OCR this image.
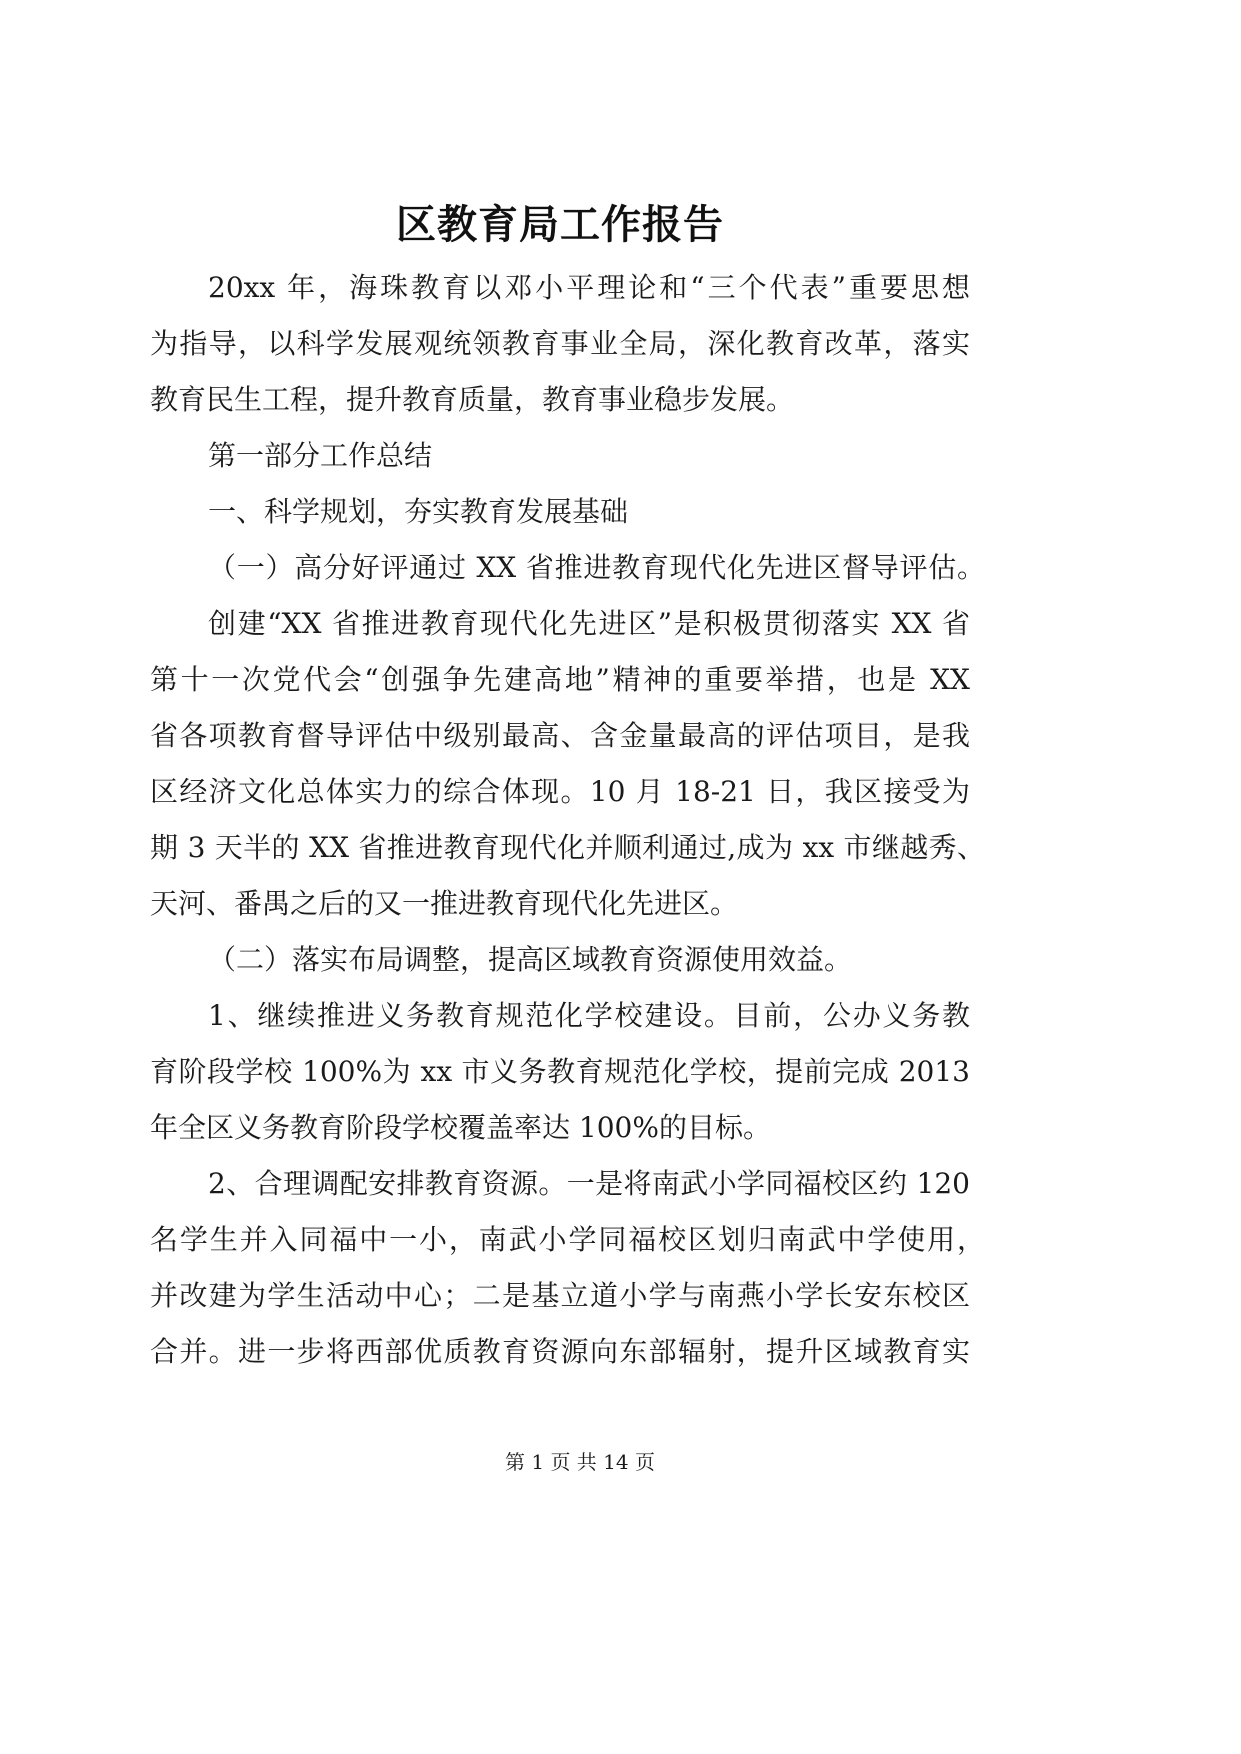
区教育局工作报告
20xx 年，海珠教育以邓小平理论和“三个代表”重要思想
为指导，以科学发展观统领教育事业全局，深化教育改革，落实
教育民生工程，提升教育质量，教育事业稳步发展。
第一部分工作总结
一、科学规划，夯实教育发展基础
（一）高分好评通过 XX 省推进教育现代化先进区督导评估。
创建“XX 省推进教育现代化先进区”是积极贯彻落实 XX 省
第十一次党代会“创强争先建高地”精神的重要举措，也是 XX
省各项教育督导评估中级别最高、含金量最高的评估项目，是我
区经济文化总体实力的综合体现。10 月 18-21 日，我区接受为
期 3 天半的 XX 省推进教育现代化并顺利通过,成为 xx 市继越秀、
天河、番禺之后的又一推进教育现代化先进区。
（二）落实布局调整，提高区域教育资源使用效益。
1、继续推进义务教育规范化学校建设。目前，公办义务教
育阶段学校 100%为 xx 市义务教育规范化学校，提前完成 2013
年全区义务教育阶段学校覆盖率达 100%的目标。
2、合理调配安排教育资源。一是将南武小学同福校区约 120
名学生并入同福中一小，南武小学同福校区划归南武中学使用，
并改建为学生活动中心；二是基立道小学与南燕小学长安东校区
合并。进一步将西部优质教育资源向东部辐射，提升区域教育实
第 1 页 共 14 页
